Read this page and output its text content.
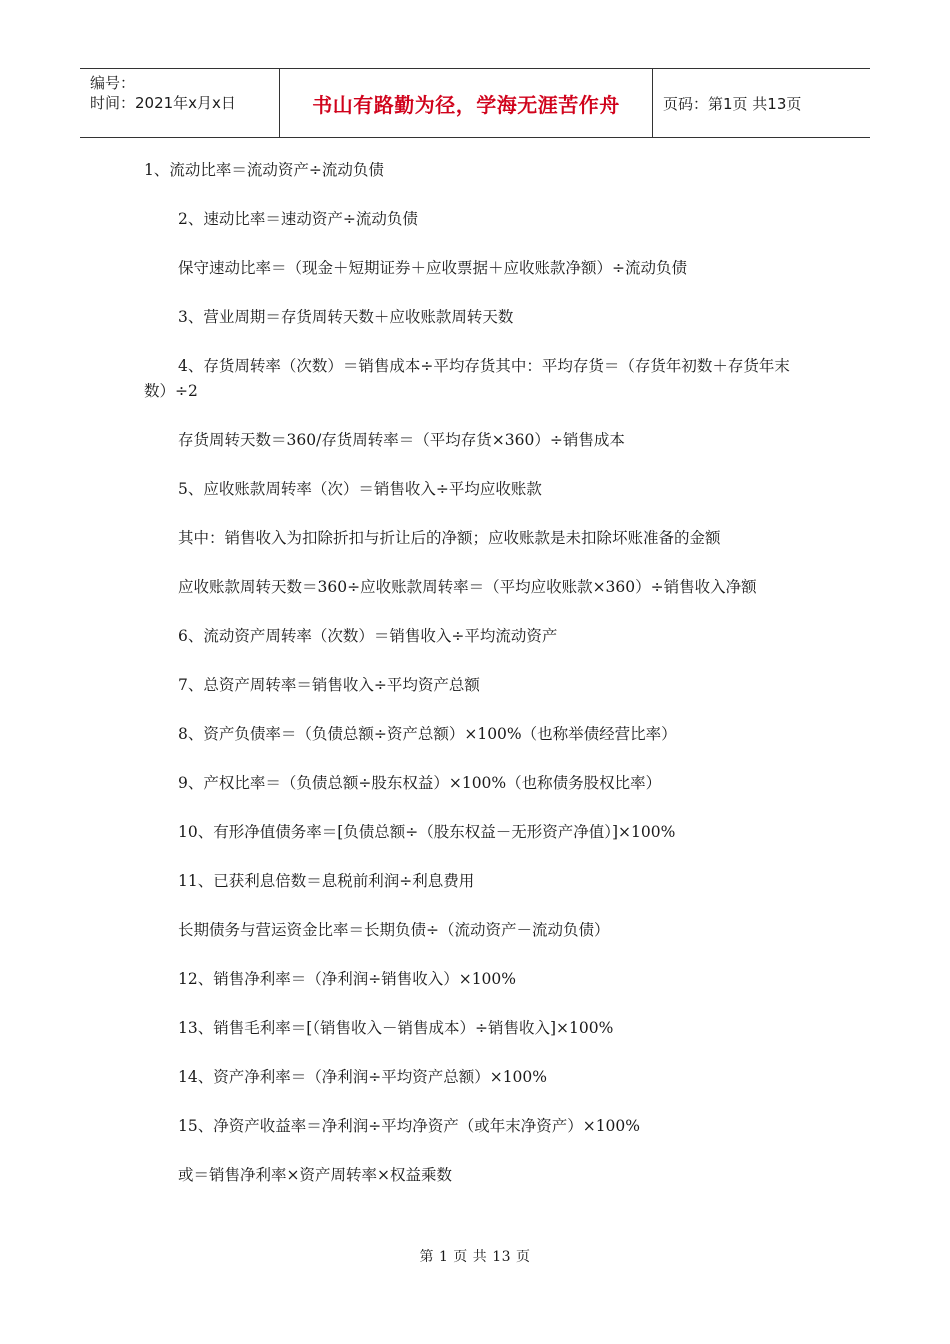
编号：
时间：2021年x月x日	书山有路勤为径，学海无涯苦作舟	页码：第1页 共13页

1、流动比率＝流动资产÷流动负债

2、速动比率＝速动资产÷流动负债

保守速动比率＝（现金＋短期证券＋应收票据＋应收账款净额）÷流动负债

3、营业周期＝存货周转天数＋应收账款周转天数

4、存货周转率（次数）＝销售成本÷平均存货其中：平均存货＝（存货年初数＋存货年末数）÷2

存货周转天数＝360/存货周转率＝（平均存货×360）÷销售成本

5、应收账款周转率（次）＝销售收入÷平均应收账款

其中：销售收入为扣除折扣与折让后的净额；应收账款是未扣除坏账准备的金额

应收账款周转天数＝360÷应收账款周转率＝（平均应收账款×360）÷销售收入净额

6、流动资产周转率（次数）＝销售收入÷平均流动资产

7、总资产周转率＝销售收入÷平均资产总额

8、资产负债率＝（负债总额÷资产总额）×100%（也称举债经营比率）

9、产权比率＝（负债总额÷股东权益）×100%（也称债务股权比率）

10、有形净值债务率＝[负债总额÷（股东权益－无形资产净值）]×100%

11、已获利息倍数＝息税前利润÷利息费用

长期债务与营运资金比率＝长期负债÷（流动资产－流动负债）

12、销售净利率＝（净利润÷销售收入）×100%

13、销售毛利率＝[（销售收入－销售成本）÷销售收入]×100%

14、资产净利率＝（净利润÷平均资产总额）×100%

15、净资产收益率＝净利润÷平均净资产（或年末净资产）×100%

或＝销售净利率×资产周转率×权益乘数

第 1 页 共 13 页
